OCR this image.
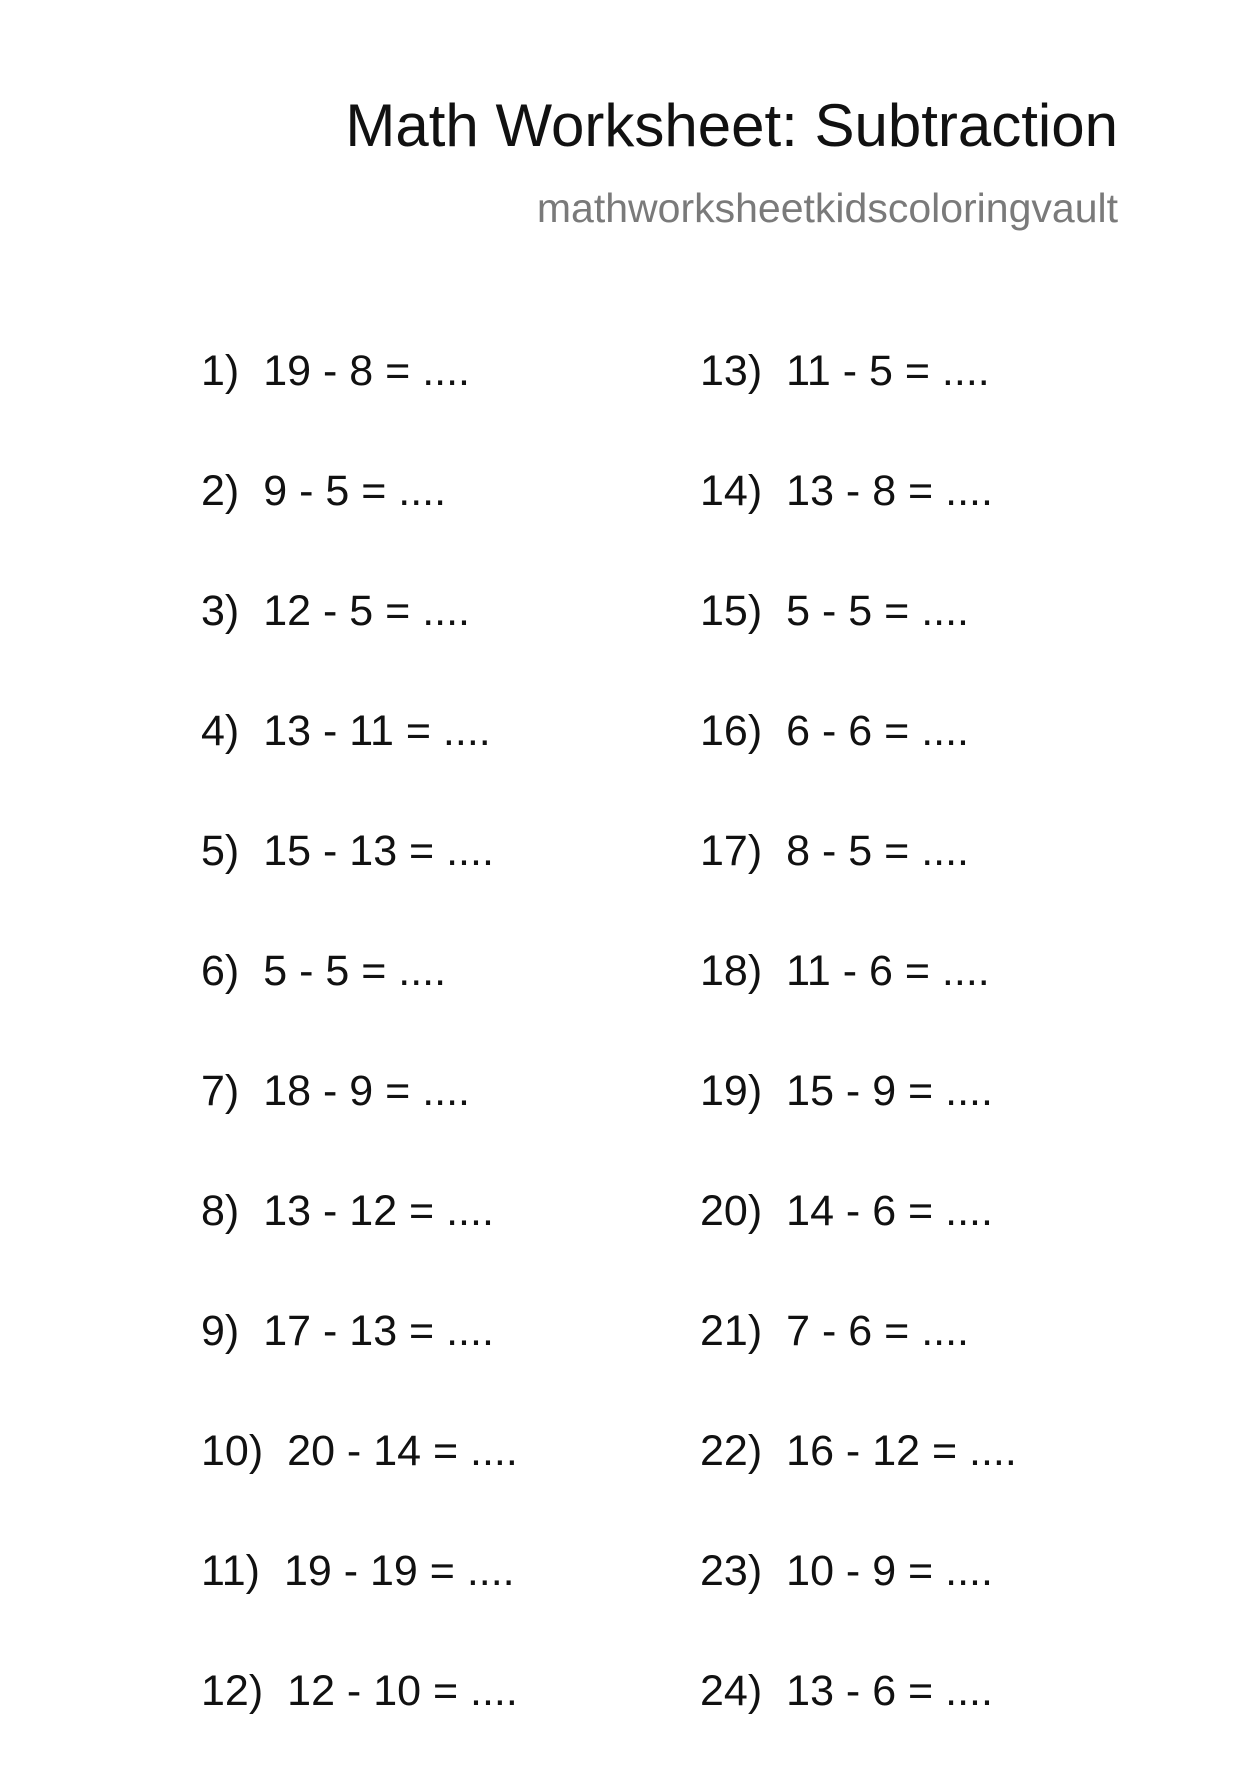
Math Worksheet: Subtraction
mathworksheetkidscoloringvault
1) 19 - 8 = ....
2) 9 - 5 = ....
3) 12 - 5 = ....
4) 13 - 11 = ....
5) 15 - 13 = ....
6) 5 - 5 = ....
7) 18 - 9 = ....
8) 13 - 12 = ....
9) 17 - 13 = ....
10) 20 - 14 = ....
11) 19 - 19 = ....
12) 12 - 10 = ....
13) 11 - 5 = ....
14) 13 - 8 = ....
15) 5 - 5 = ....
16) 6 - 6 = ....
17) 8 - 5 = ....
18) 11 - 6 = ....
19) 15 - 9 = ....
20) 14 - 6 = ....
21) 7 - 6 = ....
22) 16 - 12 = ....
23) 10 - 9 = ....
24) 13 - 6 = ....
